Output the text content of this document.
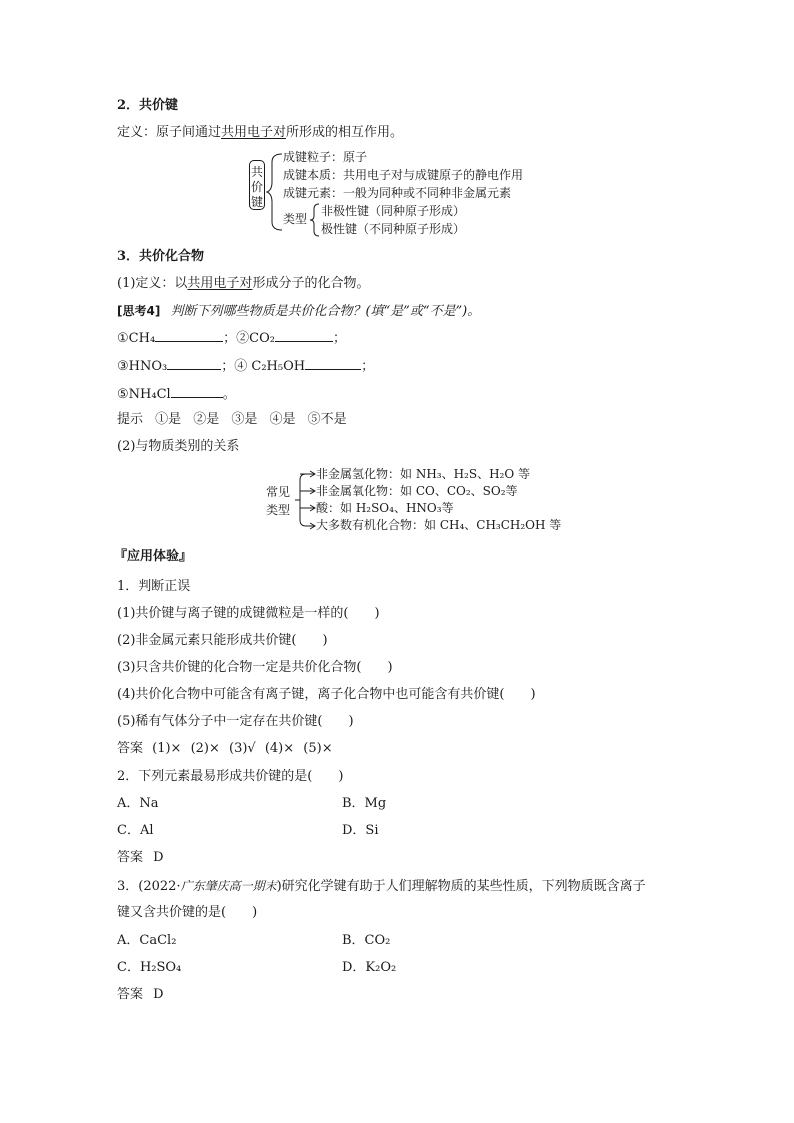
2．共价键
定义：原子间通过共用电子对所形成的相互作用。
共价键
成键粒子：原子
成键本质：共用电子对与成键原子的静电作用
成键元素：一般为同种或不同种非金属元素
类型
非极性键（同种原子形成）
极性键（不同种原子形成）
3．共价化合物
(1)定义：以共用电子对形成分子的化合物。
[思考4] 判断下列哪些物质是共价化合物？(填“是”或“不是”)。
①CH₄	；②CO₂	；
③HNO₃	；④ C₂H₅OH	；
⑤NH₄Cl	。
提示 ①是 ②是 ③是 ④是 ⑤不是
(2)与物质类别的关系
常见类型
非金属氢化物：如 NH₃、H₂S、H₂O 等
非金属氧化物：如 CO、CO₂、SO₂等
酸：如 H₂SO₄、HNO₃等
大多数有机化合物：如 CH₄、CH₃CH₂OH 等
『应用体验』
1．判断正误
(1)共价键与离子键的成键微粒是一样的(　　)
(2)非金属元素只能形成共价键(　　)
(3)只含共价键的化合物一定是共价化合物(　　)
(4)共价化合物中可能含有离子键，离子化合物中也可能含有共价键(　　)
(5)稀有气体分子中一定存在共价键(　　)
答案 (1)× (2)× (3)√ (4)× (5)×
2．下列元素最易形成共价键的是(　　)
A．Na	B．Mg
C．Al	D．Si
答案 D
3．(2022·广东肇庆高一期末)研究化学键有助于人们理解物质的某些性质，下列物质既含离子
键又含共价键的是(　　)
A．CaCl₂	B．CO₂
C．H₂SO₄	D．K₂O₂
答案 D
